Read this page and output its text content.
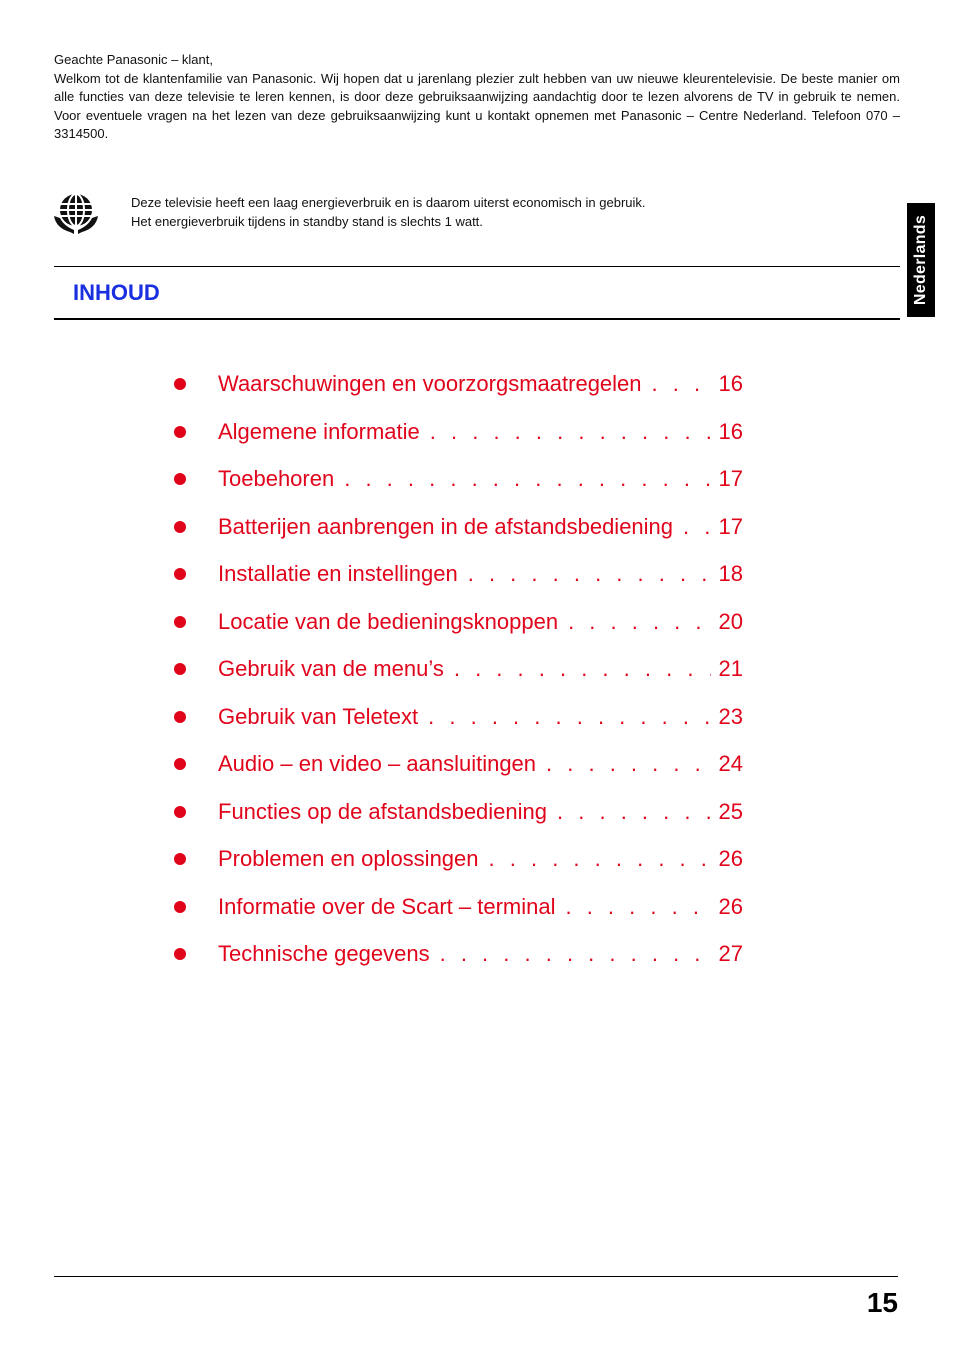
Geachte Panasonic – klant,

Welkom tot de klantenfamilie van Panasonic. Wij hopen dat u jarenlang plezier zult hebben van uw nieuwe kleurentelevisie. De beste manier om alle functies van deze televisie te leren kennen, is door deze gebruiksaanwijzing aandachtig door te lezen alvorens de TV in gebruik te nemen. Voor eventuele vragen na het lezen van deze gebruiksaanwijzing kunt u kontakt opnemen met Panasonic – Centre Nederland. Telefoon 070 – 3314500.

Deze televisie heeft een laag energieverbruik en is daarom uiterst economisch in gebruik.

Het energieverbruik tijdens in standby stand is slechts 1 watt.	Nederlands
INHOUD
Waarschuwingen en voorzorgsmaatregelen . . .	16
Algemene informatie . . .	16
Toebehoren . . .	17
Batterijen aanbrengen in de afstandsbediening . . .	17
Installatie en instellingen . . .	18
Locatie van de bedieningsknoppen . . .	20
Gebruik van de menu’s . . .	21
Gebruik van Teletext . . .	23
Audio – en video – aansluitingen . . .	24
Functies op de afstandsbediening . . .	25
Problemen en oplossingen . . .	26
Informatie over de Scart – terminal . . .	26
Technische gegevens . . .	27
15
